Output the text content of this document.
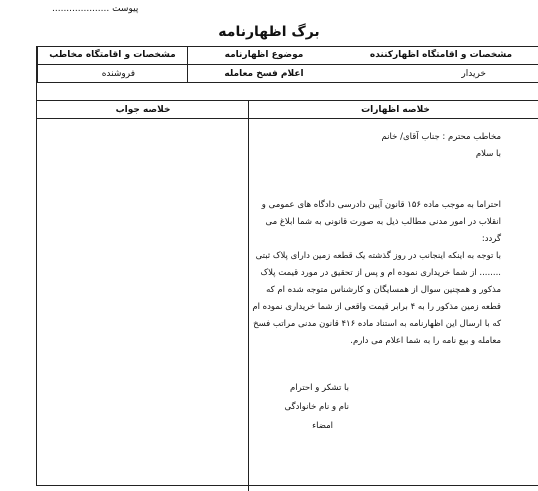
پیوست ....................
برگ اظهارنامه
مشخصات و اقامتگاه اظهارکننده
موضوع اظهارنامه
مشخصات و اقامتگاه مخاطب
خریدار
اعلام فسخ معامله
فروشنده
خلاصه اظهارات
خلاصه جواب

مخاطب محترم : جناب آقای/ خانم

با سلام

احتراما به موجب ماده ۱۵۶ قانون آیین دادرسی دادگاه های عمومی و انقلاب در امور مدنی مطالب ذیل به صورت قانونی به شما ابلاغ می گردد:

با توجه به اینکه اینجانب در روز گذشته یک قطعه زمین دارای پلاک ثبتی ........ از شما خریداری نموده ام و پس از تحقیق در مورد قیمت پلاک مذکور و همچنین سوال از همسایگان و کارشناس متوجه شده ام که قطعه زمین مذکور را به ۴ برابر قیمت واقعی از شما خریداری نموده ام که با ارسال این اظهارنامه به استناد ماده ۴۱۶ قانون مدنی مراتب فسخ معامله و بیع نامه را به شما اعلام می دارم.

با تشکر و احترام
نام و نام خانوادگی
امضاء
